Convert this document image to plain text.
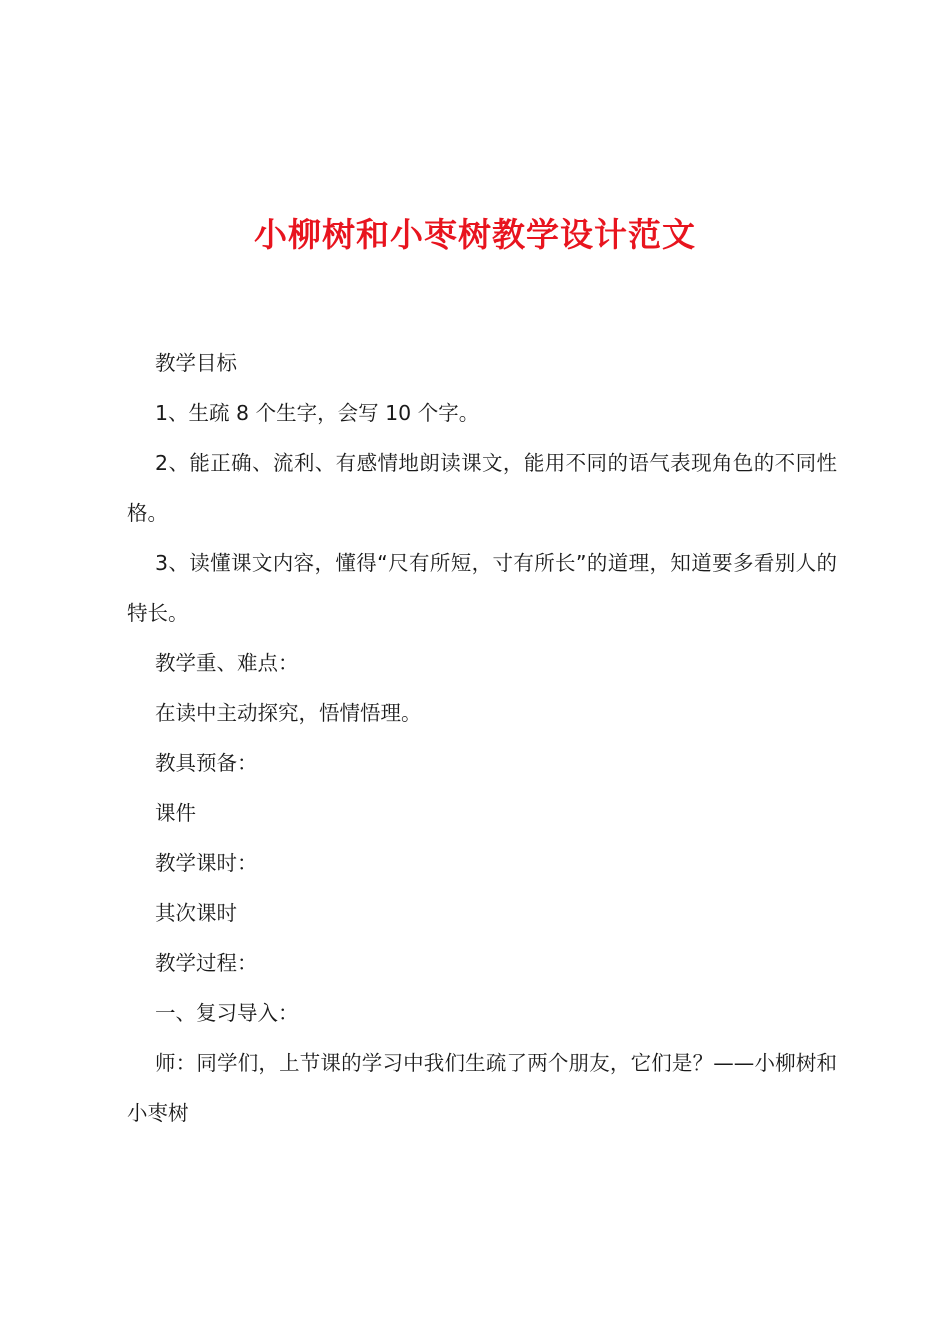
小柳树和小枣树教学设计范文

教学目标

1、生疏 8 个生字，会写 10 个字。

2、能正确、流利、有感情地朗读课文，能用不同的语气表现角色的不同性格。

3、读懂课文内容，懂得“尺有所短，寸有所长”的道理，知道要多看别人的特长。

教学重、难点：

在读中主动探究，悟情悟理。

教具预备：

课件

教学课时：

其次课时

教学过程：

一、复习导入：

师：同学们，上节课的学习中我们生疏了两个朋友，它们是？——小柳树和小枣树
